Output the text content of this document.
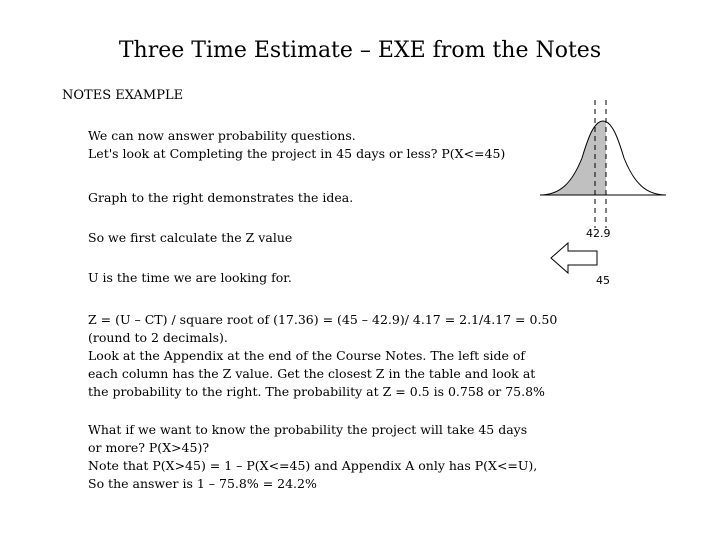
Three Time Estimate – EXE from the Notes
NOTES EXAMPLE
We can now answer probability questions.
Let's look at Completing the project in 45 days or less? P(X<=45)
Graph to the right demonstrates the idea.
So we first calculate the Z value
U is the time we are looking for.
Z = (U – CT) / square root of (17.36) = (45 – 42.9)/ 4.17 = 2.1/4.17 = 0.50
(round to 2 decimals).
Look at the Appendix at the end of the Course Notes. The left side of
each column has the Z value. Get the closest Z in the table and look at
the probability to the right. The probability at Z = 0.5 is 0.758 or 75.8%
What if we want to know the probability the project will take 45 days
or more? P(X>45)?
Note that P(X>45) = 1 – P(X<=45) and Appendix A only has P(X<=U),
So the answer is 1 – 75.8% = 24.2%
42.9
45
